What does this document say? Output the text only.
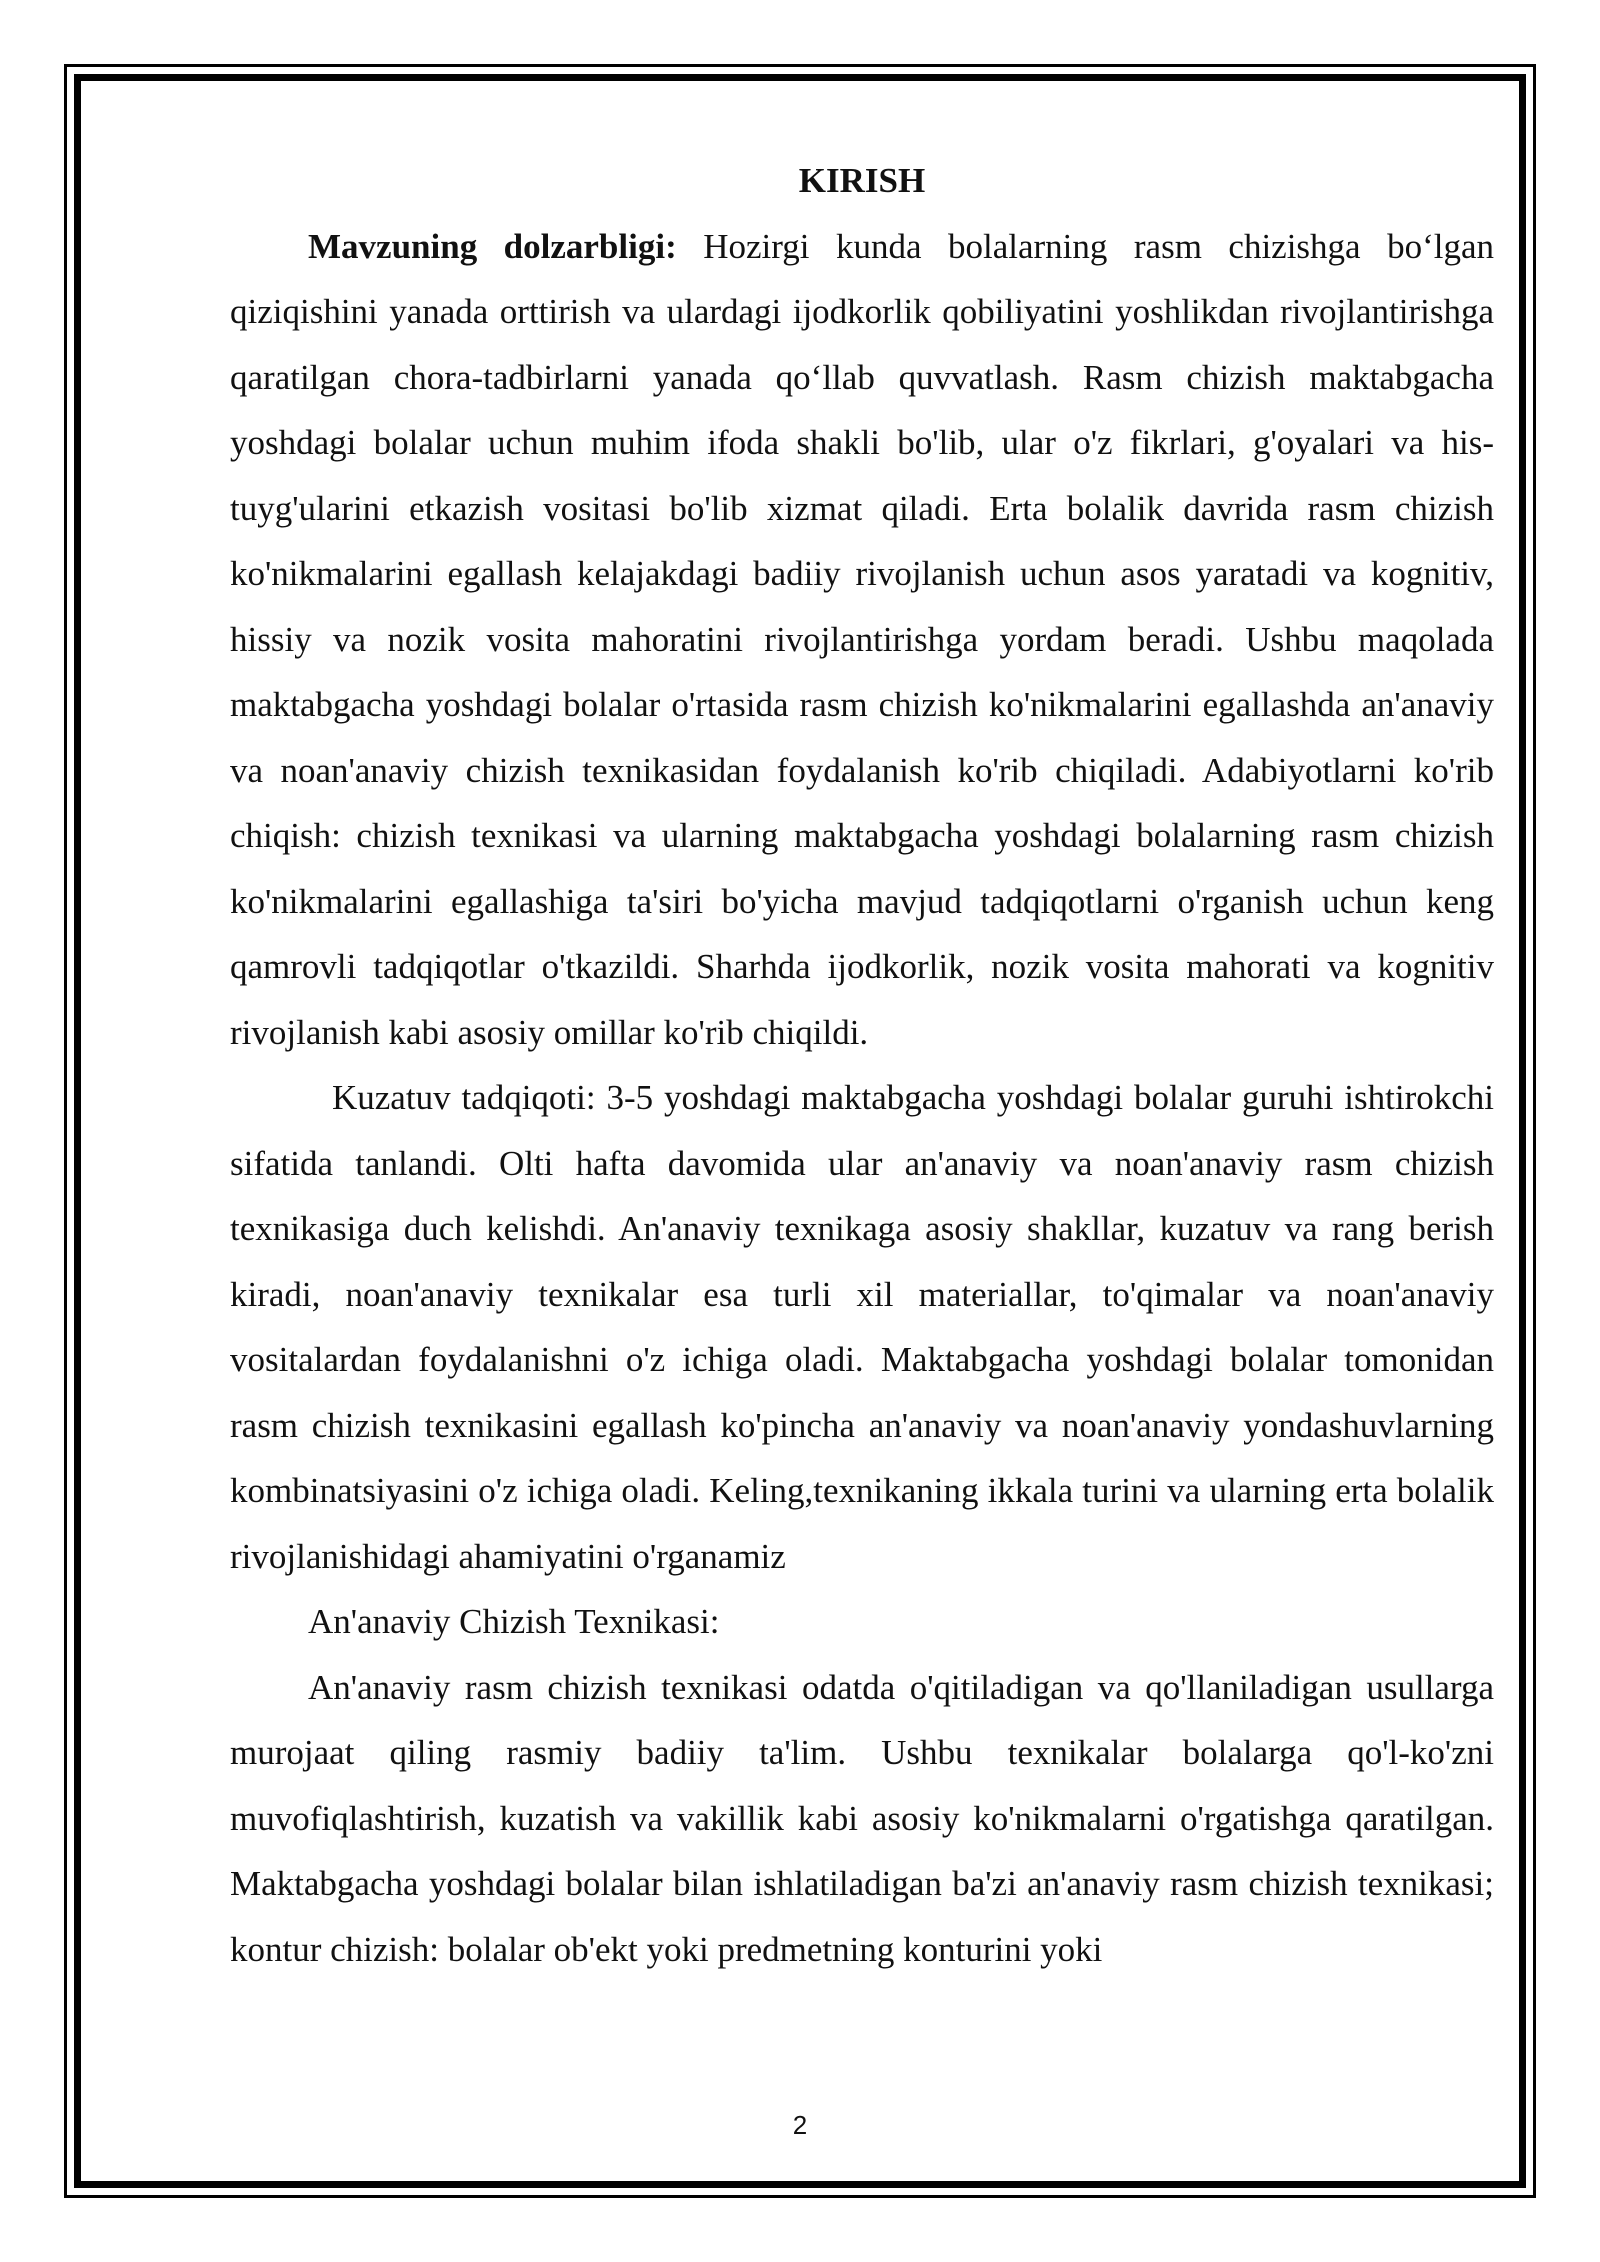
KIRISH

Mavzuning dolzarbligi: Hozirgi kunda bolalarning rasm chizishga bo‘lgan qiziqishini yanada orttirish va ulardagi ijodkorlik qobiliyatini yoshlikdan rivojlantirishga qaratilgan chora-tadbirlarni yanada qo‘llab quvvatlash. Rasm chizish maktabgacha yoshdagi bolalar uchun muhim ifoda shakli bo'lib, ular o'z fikrlari, g'oyalari va his-tuyg'ularini etkazish vositasi bo'lib xizmat qiladi. Erta bolalik davrida rasm chizish ko'nikmalarini egallash kelajakdagi badiiy rivojlanish uchun asos yaratadi va kognitiv, hissiy va nozik vosita mahoratini rivojlantirishga yordam beradi. Ushbu maqolada maktabgacha yoshdagi bolalar o'rtasida rasm chizish ko'nikmalarini egallashda an'anaviy va noan'anaviy chizish texnikasidan foydalanish ko'rib chiqiladi. Adabiyotlarni ko'rib chiqish: chizish texnikasi va ularning maktabgacha yoshdagi bolalarning rasm chizish ko'nikmalarini egallashiga ta'siri bo'yicha mavjud tadqiqotlarni o'rganish uchun keng qamrovli tadqiqotlar o'tkazildi. Sharhda ijodkorlik, nozik vosita mahorati va kognitiv rivojlanish kabi asosiy omillar ko'rib chiqildi.

Kuzatuv tadqiqoti: 3-5 yoshdagi maktabgacha yoshdagi bolalar guruhi ishtirokchi sifatida tanlandi. Olti hafta davomida ular an'anaviy va noan'anaviy rasm chizish texnikasiga duch kelishdi. An'anaviy texnikaga asosiy shakllar, kuzatuv va rang berish kiradi, noan'anaviy texnikalar esa turli xil materiallar, to'qimalar va noan'anaviy vositalardan foydalanishni o'z ichiga oladi. Maktabgacha yoshdagi bolalar tomonidan rasm chizish texnikasini egallash ko'pincha an'anaviy va noan'anaviy yondashuvlarning kombinatsiyasini o'z ichiga oladi. Keling,texnikaning ikkala turini va ularning erta bolalik rivojlanishidagi ahamiyatini o'rganamiz

An'anaviy Chizish Texnikasi:

An'anaviy rasm chizish texnikasi odatda o'qitiladigan va qo'llaniladigan usullarga murojaat qiling rasmiy badiiy ta'lim. Ushbu texnikalar bolalarga qo'l-ko'zni muvofiqlashtirish, kuzatish va vakillik kabi asosiy ko'nikmalarni o'rgatishga qaratilgan. Maktabgacha yoshdagi bolalar bilan ishlatiladigan ba'zi an'anaviy rasm chizish texnikasi; kontur chizish: bolalar ob'ekt yoki predmetning konturini yoki

2
